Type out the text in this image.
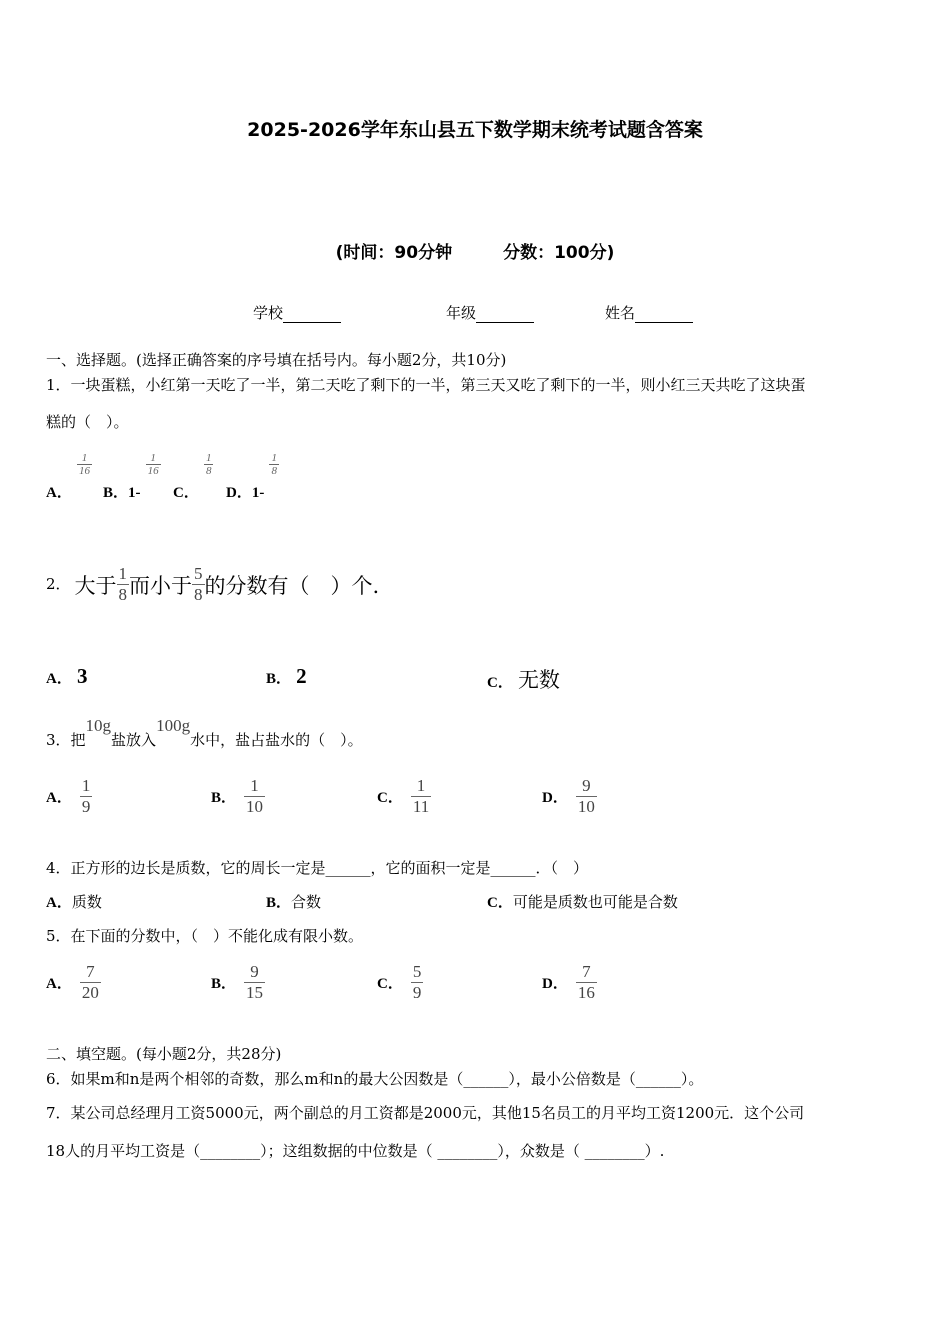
2025-2026学年东山县五下数学期末统考试题含答案
(时间：90分钟　　　分数：100分)
学校	年级	姓名
一、选择题。(选择正确答案的序号填在括号内。每小题2分，共10分)
1．一块蛋糕，小红第一天吃了一半，第二天吃了剩下的一半，第三天又吃了剩下的一半，则小红三天共吃了这块蛋
糕的（　）。
A．
$\frac{1}{16}$
B．1-
$\frac{1}{16}$
C．
$\frac{1}{8}$
D．1-
$\frac{1}{8}$
2． 大于 $\frac{1}{8}$ 而小于 $\frac{5}{8}$ 的分数有（　）个.
A． 3	B． 2	C． 无数
3．把10g盐放入100g水中，盐占盐水的（　）。
A． $\frac{1}{9}$	B． $\frac{1}{10}$	C． $\frac{1}{11}$	D． $\frac{9}{10}$
4．正方形的边长是质数，它的周长一定是______，它的面积一定是______．（　）
A．质数	B．合数	C．可能是质数也可能是合数
5．在下面的分数中，（　）不能化成有限小数。
A． $\frac{7}{20}$	B． $\frac{9}{15}$	C． $\frac{5}{9}$	D． $\frac{7}{16}$
二、填空题。(每小题2分，共28分)
6．如果m和n是两个相邻的奇数，那么m和n的最大公因数是（______），最小公倍数是（______）。
7．某公司总经理月工资5000元，两个副总的月工资都是2000元，其他15名员工的月平均工资1200元．这个公司
18人的月平均工资是（________）；这组数据的中位数是（ ________），众数是（ ________）.
